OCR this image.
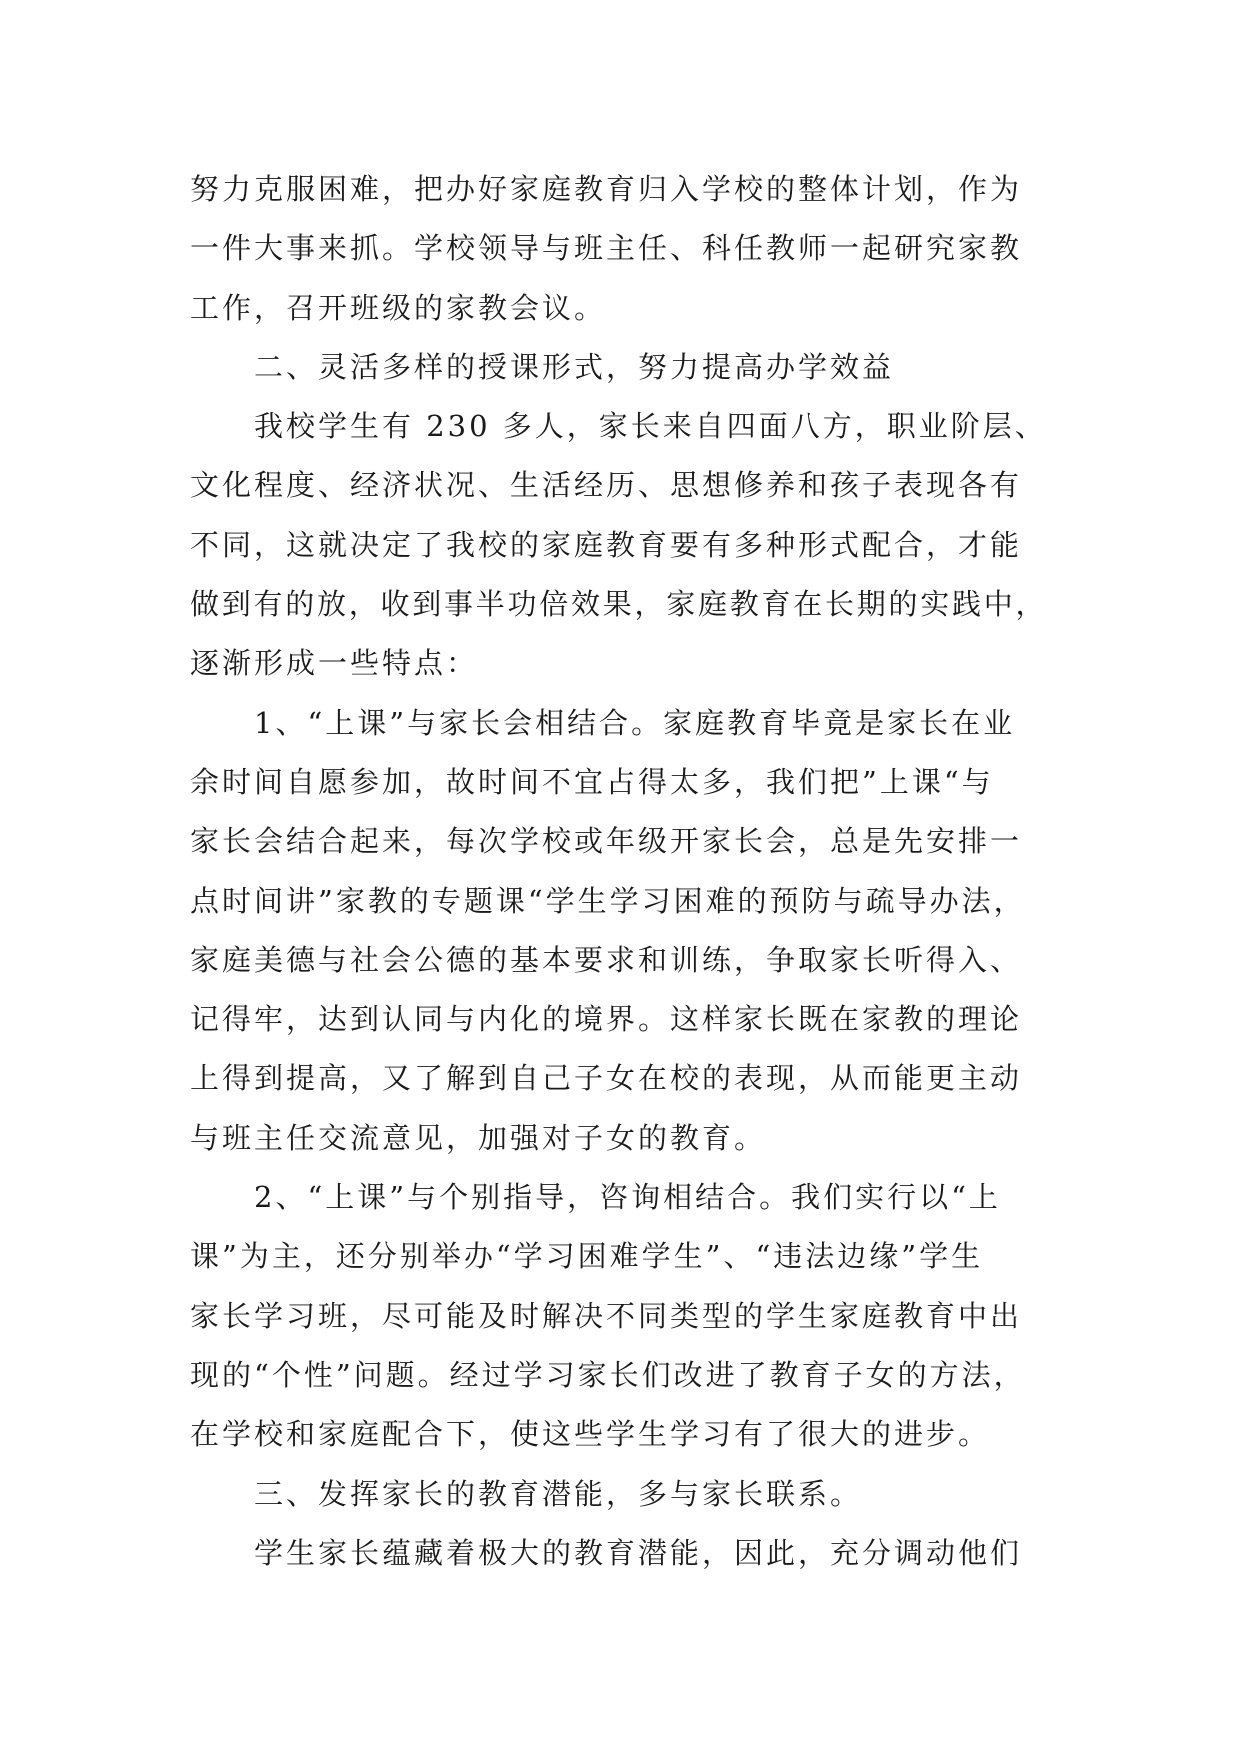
努力克服困难，把办好家庭教育归入学校的整体计划，作为
一件大事来抓。学校领导与班主任、科任教师一起研究家教
工作，召开班级的家教会议。
二、灵活多样的授课形式，努力提高办学效益
我校学生有 230 多人，家长来自四面八方，职业阶层、
文化程度、经济状况、生活经历、思想修养和孩子表现各有
不同，这就决定了我校的家庭教育要有多种形式配合，才能
做到有的放，收到事半功倍效果，家庭教育在长期的实践中，
逐渐形成一些特点：
1、“上课”与家长会相结合。家庭教育毕竟是家长在业
余时间自愿参加，故时间不宜占得太多，我们把”上课“与
家长会结合起来，每次学校或年级开家长会，总是先安排一
点时间讲”家教的专题课“学生学习困难的预防与疏导办法，
家庭美德与社会公德的基本要求和训练，争取家长听得入、
记得牢，达到认同与内化的境界。这样家长既在家教的理论
上得到提高，又了解到自己子女在校的表现，从而能更主动
与班主任交流意见，加强对子女的教育。
2、“上课”与个别指导，咨询相结合。我们实行以“上
课”为主，还分别举办“学习困难学生”、“违法边缘”学生
家长学习班，尽可能及时解决不同类型的学生家庭教育中出
现的“个性”问题。经过学习家长们改进了教育子女的方法，
在学校和家庭配合下，使这些学生学习有了很大的进步。
三、发挥家长的教育潜能，多与家长联系。
学生家长蕴藏着极大的教育潜能，因此，充分调动他们
